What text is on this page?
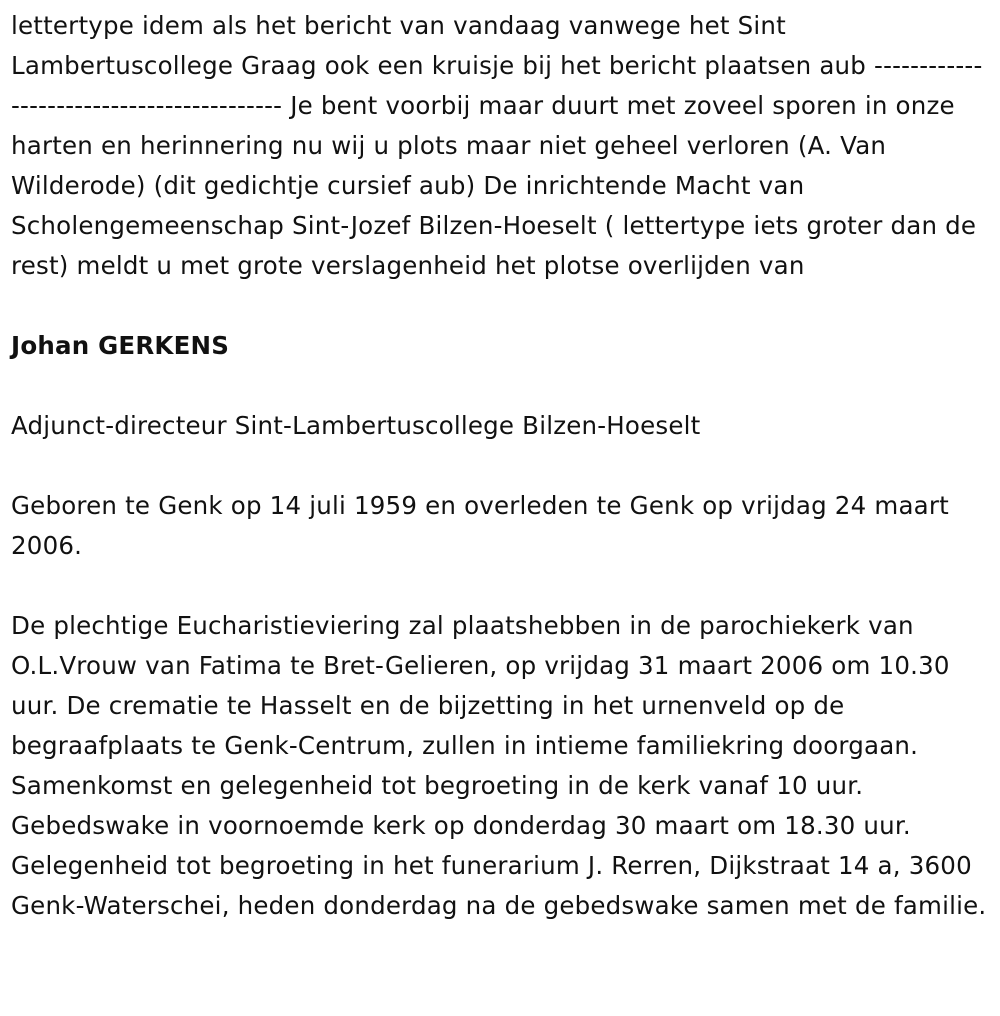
lettertype idem als het bericht van vandaag vanwege het Sint Lambertuscollege Graag ook een kruisje bij het bericht plaatsen aub ------------------------------------------ Je bent voorbij maar duurt met zoveel sporen in onze harten en herinnering nu wij u plots maar niet geheel verloren (A. Van Wilderode) (dit gedichtje cursief aub) De inrichtende Macht van Scholengemeenschap Sint-Jozef Bilzen-Hoeselt ( lettertype iets groter dan de rest) meldt u met grote verslagenheid het plotse overlijden van

Johan GERKENS

Adjunct-directeur Sint-Lambertuscollege Bilzen-Hoeselt

Geboren te Genk op 14 juli 1959 en overleden te Genk op vrijdag 24 maart 2006.

De plechtige Eucharistieviering zal plaatshebben in de parochiekerk van O.L.Vrouw van Fatima te Bret-Gelieren, op vrijdag 31 maart 2006 om 10.30 uur. De crematie te Hasselt en de bijzetting in het urnenveld op de begraafplaats te Genk-Centrum, zullen in intieme familiekring doorgaan. Samenkomst en gelegenheid tot begroeting in de kerk vanaf 10 uur. Gebedswake in voornoemde kerk op donderdag 30 maart om 18.30 uur. Gelegenheid tot begroeting in het funerarium J. Rerren, Dijkstraat 14 a, 3600 Genk-Waterschei, heden donderdag na de gebedswake samen met de familie.
